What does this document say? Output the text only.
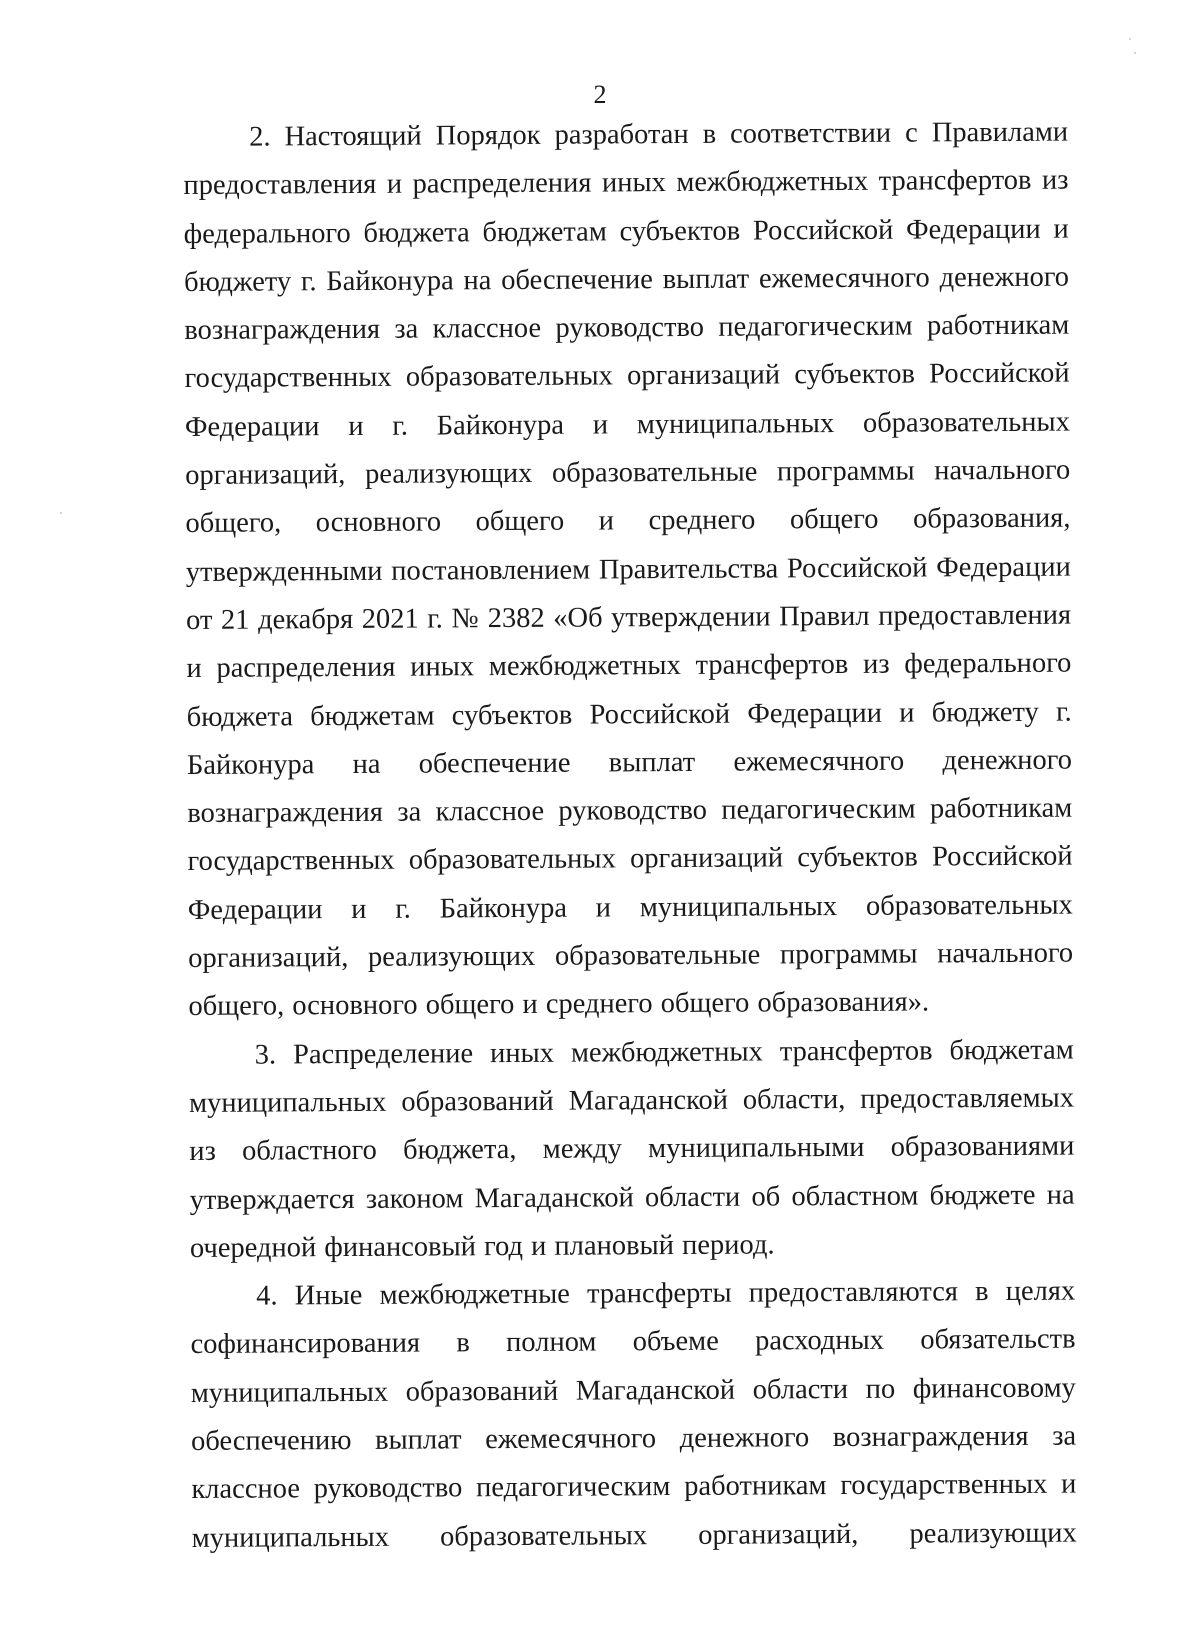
2

2. Настоящий Порядок разработан в соответствии с Правилами предоставления и распределения иных межбюджетных трансфертов из федерального бюджета бюджетам субъектов Российской Федерации и бюджету г. Байконура на обеспечение выплат ежемесячного денежного вознаграждения за классное руководство педагогическим работникам государственных образовательных организаций субъектов Российской Федерации и г. Байконура и муниципальных образовательных организаций, реализующих образовательные программы начального общего, основного общего и среднего общего образования, утвержденными постановлением Правительства Российской Федерации от 21 декабря 2021 г. № 2382 «Об утверждении Правил предоставления и распределения иных межбюджетных трансфертов из федерального бюджета бюджетам субъектов Российской Федерации и бюджету г. Байконура на обеспечение выплат ежемесячного денежного вознаграждения за классное руководство педагогическим работникам государственных образовательных организаций субъектов Российской Федерации и г. Байконура и муниципальных образовательных организаций, реализующих образовательные программы начального общего, основного общего и среднего общего образования».

3. Распределение иных межбюджетных трансфертов бюджетам муниципальных образований Магаданской области, предоставляемых из областного бюджета, между муниципальными образованиями утверждается законом Магаданской области об областном бюджете на очередной финансовый год и плановый период.

4. Иные межбюджетные трансферты предоставляются в целях софинансирования в полном объеме расходных обязательств муниципальных образований Магаданской области по финансовому обеспечению выплат ежемесячного денежного вознаграждения за классное руководство педагогическим работникам государственных и муниципальных образовательных организаций, реализующих
